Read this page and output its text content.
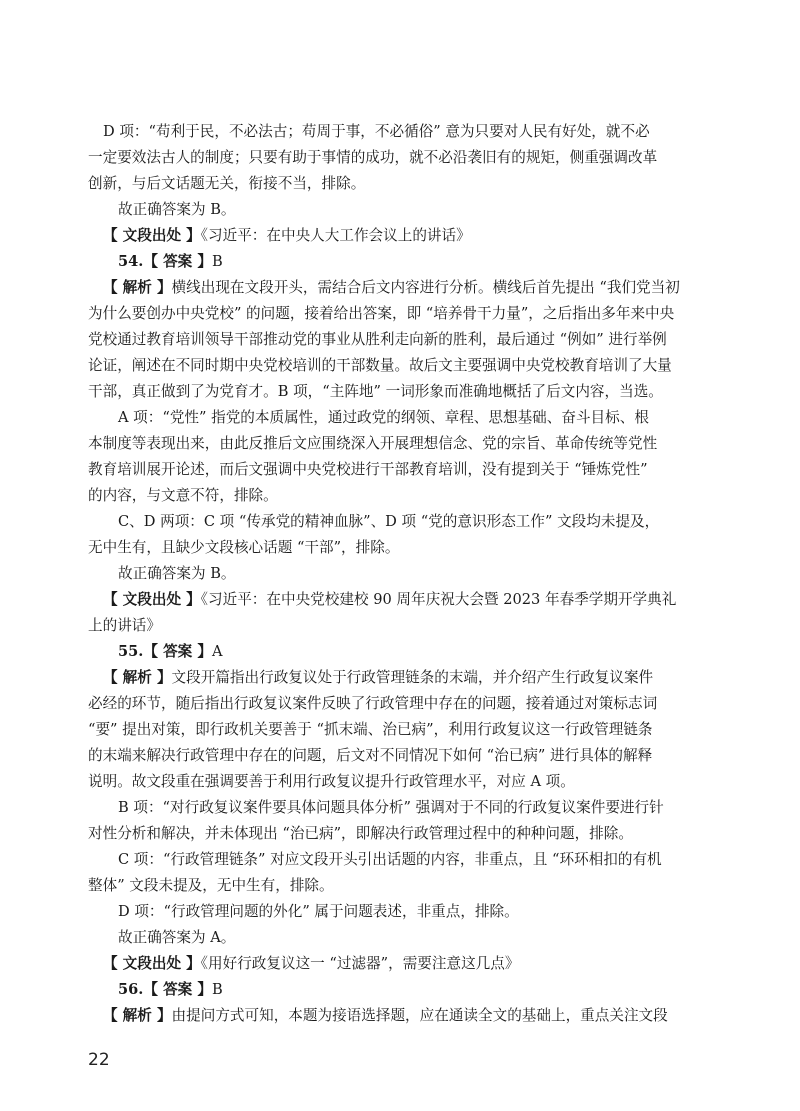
D 项：“苟利于民，不必法古；苟周于事，不必循俗” 意为只要对人民有好处，就不必

一定要效法古人的制度；只要有助于事情的成功，就不必沿袭旧有的规矩，侧重强调改革

创新，与后文话题无关，衔接不当，排除。

故正确答案为 B。

【 文段出处 】《习近平：在中央人大工作会议上的讲话》

54.【 答案 】B

【 解析 】横线出现在文段开头，需结合后文内容进行分析。横线后首先提出 “我们党当初

为什么要创办中央党校” 的问题，接着给出答案，即 “培养骨干力量”，之后指出多年来中央

党校通过教育培训领导干部推动党的事业从胜利走向新的胜利，最后通过 “例如” 进行举例

论证，阐述在不同时期中央党校培训的干部数量。故后文主要强调中央党校教育培训了大量

干部，真正做到了为党育才。B 项，“主阵地” 一词形象而准确地概括了后文内容，当选。

A 项：“党性” 指党的本质属性，通过政党的纲领、章程、思想基础、奋斗目标、根

本制度等表现出来，由此反推后文应围绕深入开展理想信念、党的宗旨、革命传统等党性

教育培训展开论述，而后文强调中央党校进行干部教育培训，没有提到关于 “锤炼党性”

的内容，与文意不符，排除。

C、D 两项：C 项 “传承党的精神血脉”、D 项 “党的意识形态工作” 文段均未提及，

无中生有，且缺少文段核心话题 “干部”，排除。

故正确答案为 B。

【 文段出处 】《习近平：在中央党校建校 90 周年庆祝大会暨 2023 年春季学期开学典礼

上的讲话》

55.【 答案 】A

【 解析 】文段开篇指出行政复议处于行政管理链条的末端，并介绍产生行政复议案件

必经的环节，随后指出行政复议案件反映了行政管理中存在的问题，接着通过对策标志词

“要” 提出对策，即行政机关要善于 “抓末端、治已病”，利用行政复议这一行政管理链条

的末端来解决行政管理中存在的问题，后文对不同情况下如何 “治已病” 进行具体的解释

说明。故文段重在强调要善于利用行政复议提升行政管理水平，对应 A 项。

B 项：“对行政复议案件要具体问题具体分析” 强调对于不同的行政复议案件要进行针

对性分析和解决，并未体现出 “治已病”，即解决行政管理过程中的种种问题，排除。

C 项：“行政管理链条” 对应文段开头引出话题的内容，非重点，且 “环环相扣的有机

整体” 文段未提及，无中生有，排除。

D 项：“行政管理问题的外化” 属于问题表述，非重点，排除。

故正确答案为 A。

【 文段出处 】《用好行政复议这一 “过滤器”，需要注意这几点》

56.【 答案 】B

【 解析 】由提问方式可知，本题为接语选择题，应在通读全文的基础上，重点关注文段

22
